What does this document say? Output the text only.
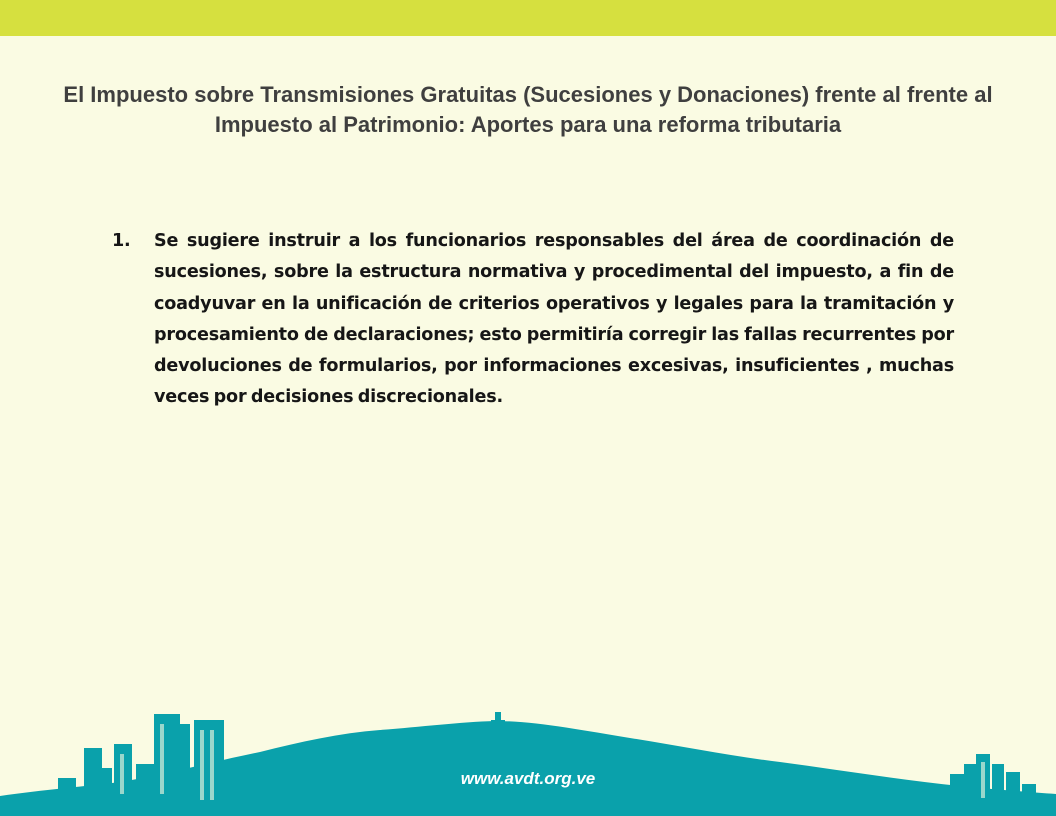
El Impuesto sobre Transmisiones Gratuitas (Sucesiones y Donaciones) frente al frente al Impuesto al Patrimonio: Aportes para una reforma tributaria
1. Se sugiere instruir a los funcionarios responsables del área de coordinación de sucesiones, sobre la estructura normativa y procedimental del impuesto, a fin de coadyuvar en la unificación de criterios operativos y legales para la tramitación y procesamiento de declaraciones; esto permitiría corregir las fallas recurrentes por devoluciones de formularios, por informaciones excesivas, insuficientes , muchas veces por decisiones discrecionales.

www.avdt.org.ve
